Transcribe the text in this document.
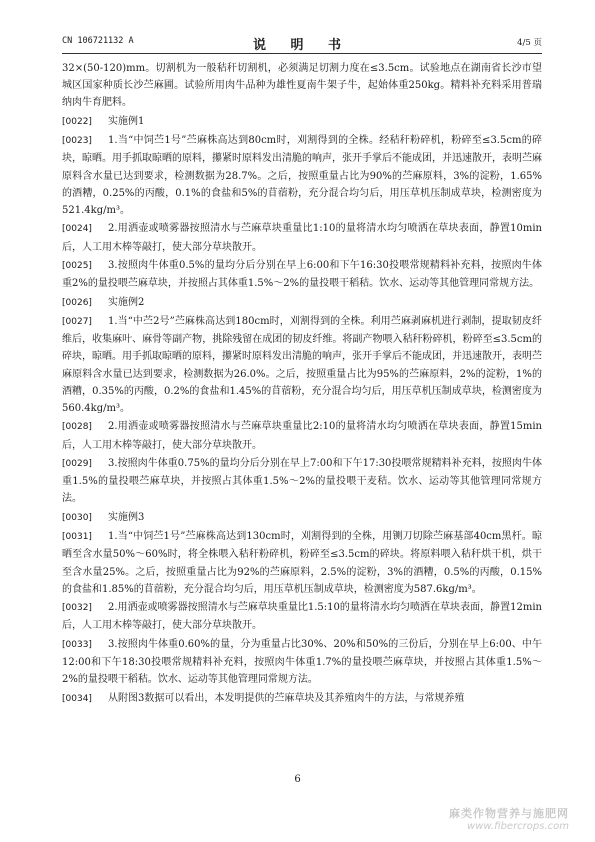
CN 106721132 A	说 明 书	4/5 页
32×(50-120)mm。切割机为一般秸秆切割机，必须满足切割力度在≤3.5cm。试验地点在湖南省长沙市望城区国家种质长沙苎麻圃。试验所用肉牛品种为雄性夏南牛架子牛，起始体重250kg。精料补充料采用普瑞纳肉牛育肥料。
[0022] 实施例1
[0023] 1.当“中饲苎1号”苎麻株高达到80cm时，刈割得到的全株。经秸秆粉碎机，粉碎至≤3.5cm的碎块，晾晒。用手抓取晾晒的原料，攥紧时原料发出清脆的响声，张开手掌后不能成团，并迅速散开，表明苎麻原料含水量已达到要求，检测数据为28.7%。之后，按照重量占比为90%的苎麻原料，3%的淀粉，1.65%的酒糟，0.25%的丙酸，0.1%的食盐和5%的苜蓿粉，充分混合均匀后，用压草机压制成草块，检测密度为521.4kg/m³。
[0024] 2.用洒壶或喷雾器按照清水与苎麻草块重量比1:10的量将清水均匀喷洒在草块表面，静置10min后，人工用木棒等敲打，使大部分草块散开。
[0025] 3.按照肉牛体重0.5%的量均分后分别在早上6:00和下午16:30投喂常规精料补充料，按照肉牛体重2%的量投喂苎麻草块，并按照占其体重1.5%～2%的量投喂干稻秸。饮水、运动等其他管理同常规方法。
[0026] 实施例2
[0027] 1.当“中苎2号”苎麻株高达到180cm时，刈割得到的全株。利用苎麻剥麻机进行剥制，提取韧皮纤维后，收集麻叶、麻骨等副产物，挑除残留在成团的韧皮纤维。将副产物喂入秸秆粉碎机，粉碎至≤3.5cm的碎块，晾晒。用手抓取晾晒的原料，攥紧时原料发出清脆的响声，张开手掌后不能成团，并迅速散开，表明苎麻原料含水量已达到要求，检测数据为26.0%。之后，按照重量占比为95%的苎麻原料，2%的淀粉，1%的酒糟，0.35%的丙酸，0.2%的食盐和1.45%的苜蓿粉，充分混合均匀后，用压草机压制成草块，检测密度为560.4kg/m³。
[0028] 2.用洒壶或喷雾器按照清水与苎麻草块重量比2:10的量将清水均匀喷洒在草块表面，静置15min后，人工用木棒等敲打，使大部分草块散开。
[0029] 3.按照肉牛体重0.75%的量均分后分别在早上7:00和下午17:30投喂常规精料补充料，按照肉牛体重1.5%的量投喂苎麻草块，并按照占其体重1.5%～2%的量投喂干麦秸。饮水、运动等其他管理同常规方法。
[0030] 实施例3
[0031] 1.当“中饲苎1号”苎麻株高达到130cm时，刈割得到的全株，用铡刀切除苎麻基部40cm黑杆。晾晒至含水量50%～60%时，将全株喂入秸秆粉碎机，粉碎至≤3.5cm的碎块。将原料喂入秸秆烘干机，烘干至含水量25%。之后，按照重量占比为92%的苎麻原料，2.5%的淀粉，3%的酒糟，0.5%的丙酸，0.15%的食盐和1.85%的苜蓿粉，充分混合均匀后，用压草机压制成草块，检测密度为587.6kg/m³。
[0032] 2.用洒壶或喷雾器按照清水与苎麻草块重量比1.5:10的量将清水均匀喷洒在草块表面，静置12min后，人工用木棒等敲打，使大部分草块散开。
[0033] 3.按照肉牛体重0.60%的量，分为重量占比30%、20%和50%的三份后，分别在早上6:00、中午12:00和下午18:30投喂常规精料补充料，按照肉牛体重1.7%的量投喂苎麻草块，并按照占其体重1.5%～2%的量投喂干稻秸。饮水、运动等其他管理同常规方法。
[0034] 从附图3数据可以看出，本发明提供的苎麻草块及其养殖肉牛的方法，与常规养殖
6
麻类作物营养与施肥网
www.fibercrops.com
